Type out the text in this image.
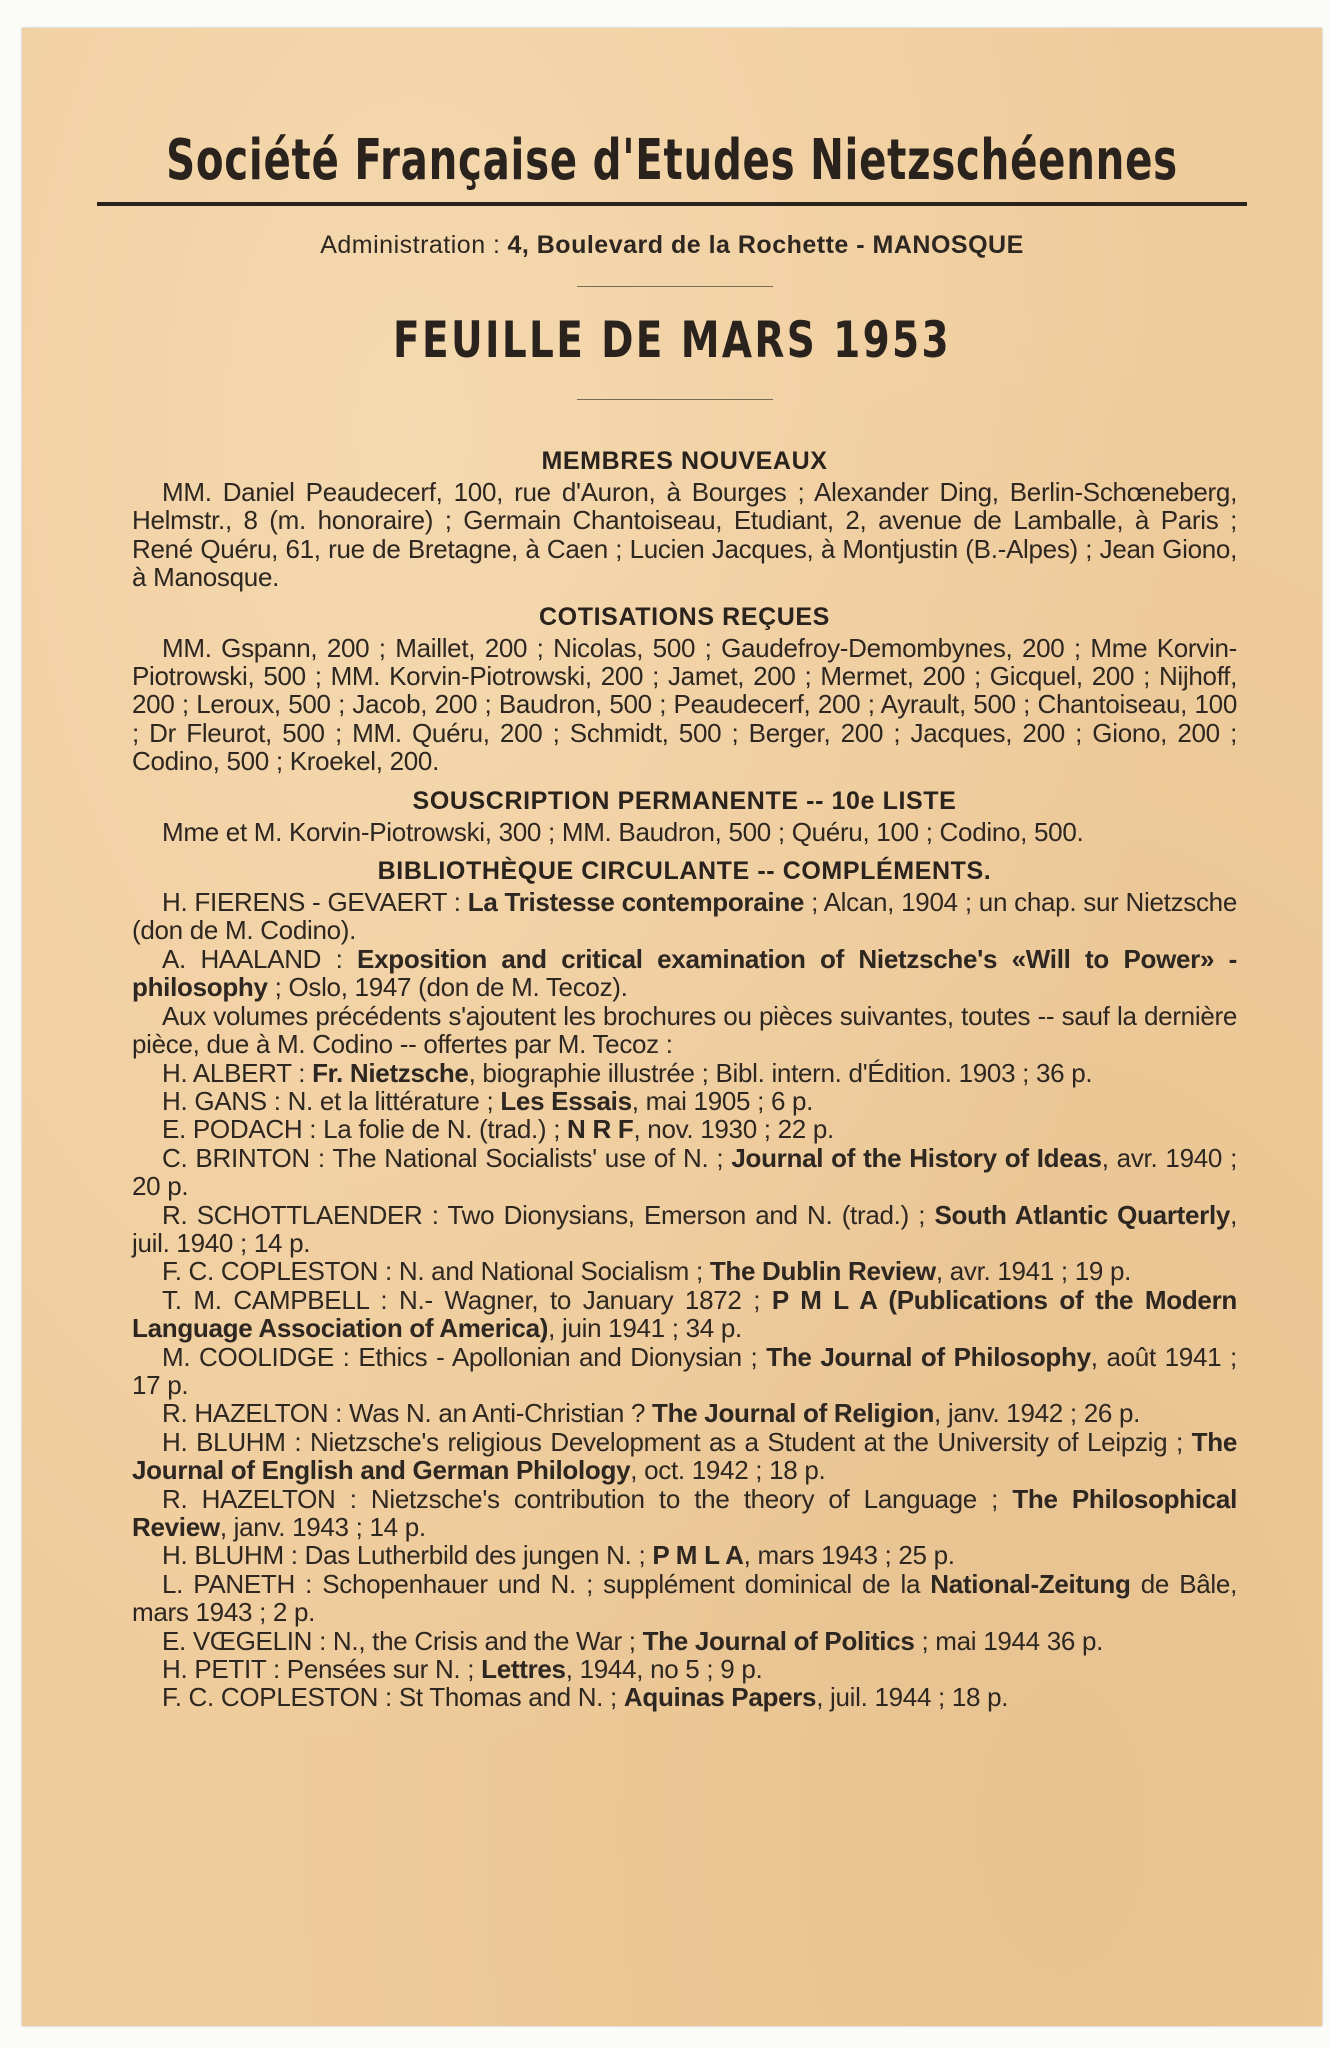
Société Française d'Etudes Nietzschéennes
Administration : 4, Boulevard de la Rochette - MANOSQUE
FEUILLE DE MARS 1953
MEMBRES NOUVEAUX

MM. Daniel Peaudecerf, 100, rue d'Auron, à Bourges ; Alexander Ding, Berlin-Schœneberg, Helmstr., 8 (m. honoraire) ; Germain Chantoiseau, Etudiant, 2, avenue de Lamballe, à Paris ; René Quéru, 61, rue de Bretagne, à Caen ; Lucien Jacques, à Montjustin (B.-Alpes) ; Jean Giono, à Manosque.

COTISATIONS REÇUES

MM. Gspann, 200 ; Maillet, 200 ; Nicolas, 500 ; Gaudefroy-Demombynes, 200 ; Mme Korvin-Piotrowski, 500 ; MM. Korvin-Piotrowski, 200 ; Jamet, 200 ; Mermet, 200 ; Gicquel, 200 ; Nijhoff, 200 ; Leroux, 500 ; Jacob, 200 ; Baudron, 500 ; Peaudecerf, 200 ; Ayrault, 500 ; Chantoiseau, 100 ; Dr Fleurot, 500 ; MM. Quéru, 200 ; Schmidt, 500 ; Berger, 200 ; Jacques, 200 ; Giono, 200 ; Codino, 500 ; Kroekel, 200.

SOUSCRIPTION PERMANENTE -- 10e LISTE

Mme et M. Korvin-Piotrowski, 300 ; MM. Baudron, 500 ; Quéru, 100 ; Codino, 500.

BIBLIOTHÈQUE CIRCULANTE -- COMPLÉMENTS.

H. FIERENS - GEVAERT : La Tristesse contemporaine ; Alcan, 1904 ; un chap. sur Nietzsche (don de M. Codino).

A. HAALAND : Exposition and critical examination of Nietzsche's «Will to Power» - philosophy ; Oslo, 1947 (don de M. Tecoz).

Aux volumes précédents s'ajoutent les brochures ou pièces suivantes, toutes -- sauf la dernière pièce, due à M. Codino -- offertes par M. Tecoz :

H. ALBERT : Fr. Nietzsche, biographie illustrée ; Bibl. intern. d'Édition. 1903 ; 36 p.

H. GANS : N. et la littérature ; Les Essais, mai 1905 ; 6 p.

E. PODACH : La folie de N. (trad.) ; N R F, nov. 1930 ; 22 p.

C. BRINTON : The National Socialists' use of N. ; Journal of the History of Ideas, avr. 1940 ; 20 p.

R. SCHOTTLAENDER : Two Dionysians, Emerson and N. (trad.) ; South Atlantic Quarterly, juil. 1940 ; 14 p.

F. C. COPLESTON : N. and National Socialism ; The Dublin Review, avr. 1941 ; 19 p.

T. M. CAMPBELL : N.- Wagner, to January 1872 ; P M L A (Publications of the Modern Language Association of America), juin 1941 ; 34 p.

M. COOLIDGE : Ethics - Apollonian and Dionysian ; The Journal of Philosophy, août 1941 ; 17 p.

R. HAZELTON : Was N. an Anti-Christian ? The Journal of Religion, janv. 1942 ; 26 p.

H. BLUHM : Nietzsche's religious Development as a Student at the University of Leipzig ; The Journal of English and German Philology, oct. 1942 ; 18 p.

R. HAZELTON : Nietzsche's contribution to the theory of Language ; The Philosophical Review, janv. 1943 ; 14 p.

H. BLUHM : Das Lutherbild des jungen N. ; P M L A, mars 1943 ; 25 p.

L. PANETH : Schopenhauer und N. ; supplément dominical de la National-Zeitung de Bâle, mars 1943 ; 2 p.

E. VŒGELIN : N., the Crisis and the War ; The Journal of Politics ; mai 1944 36 p.

H. PETIT : Pensées sur N. ; Lettres, 1944, no 5 ; 9 p.

F. C. COPLESTON : St Thomas and N. ; Aquinas Papers, juil. 1944 ; 18 p.
